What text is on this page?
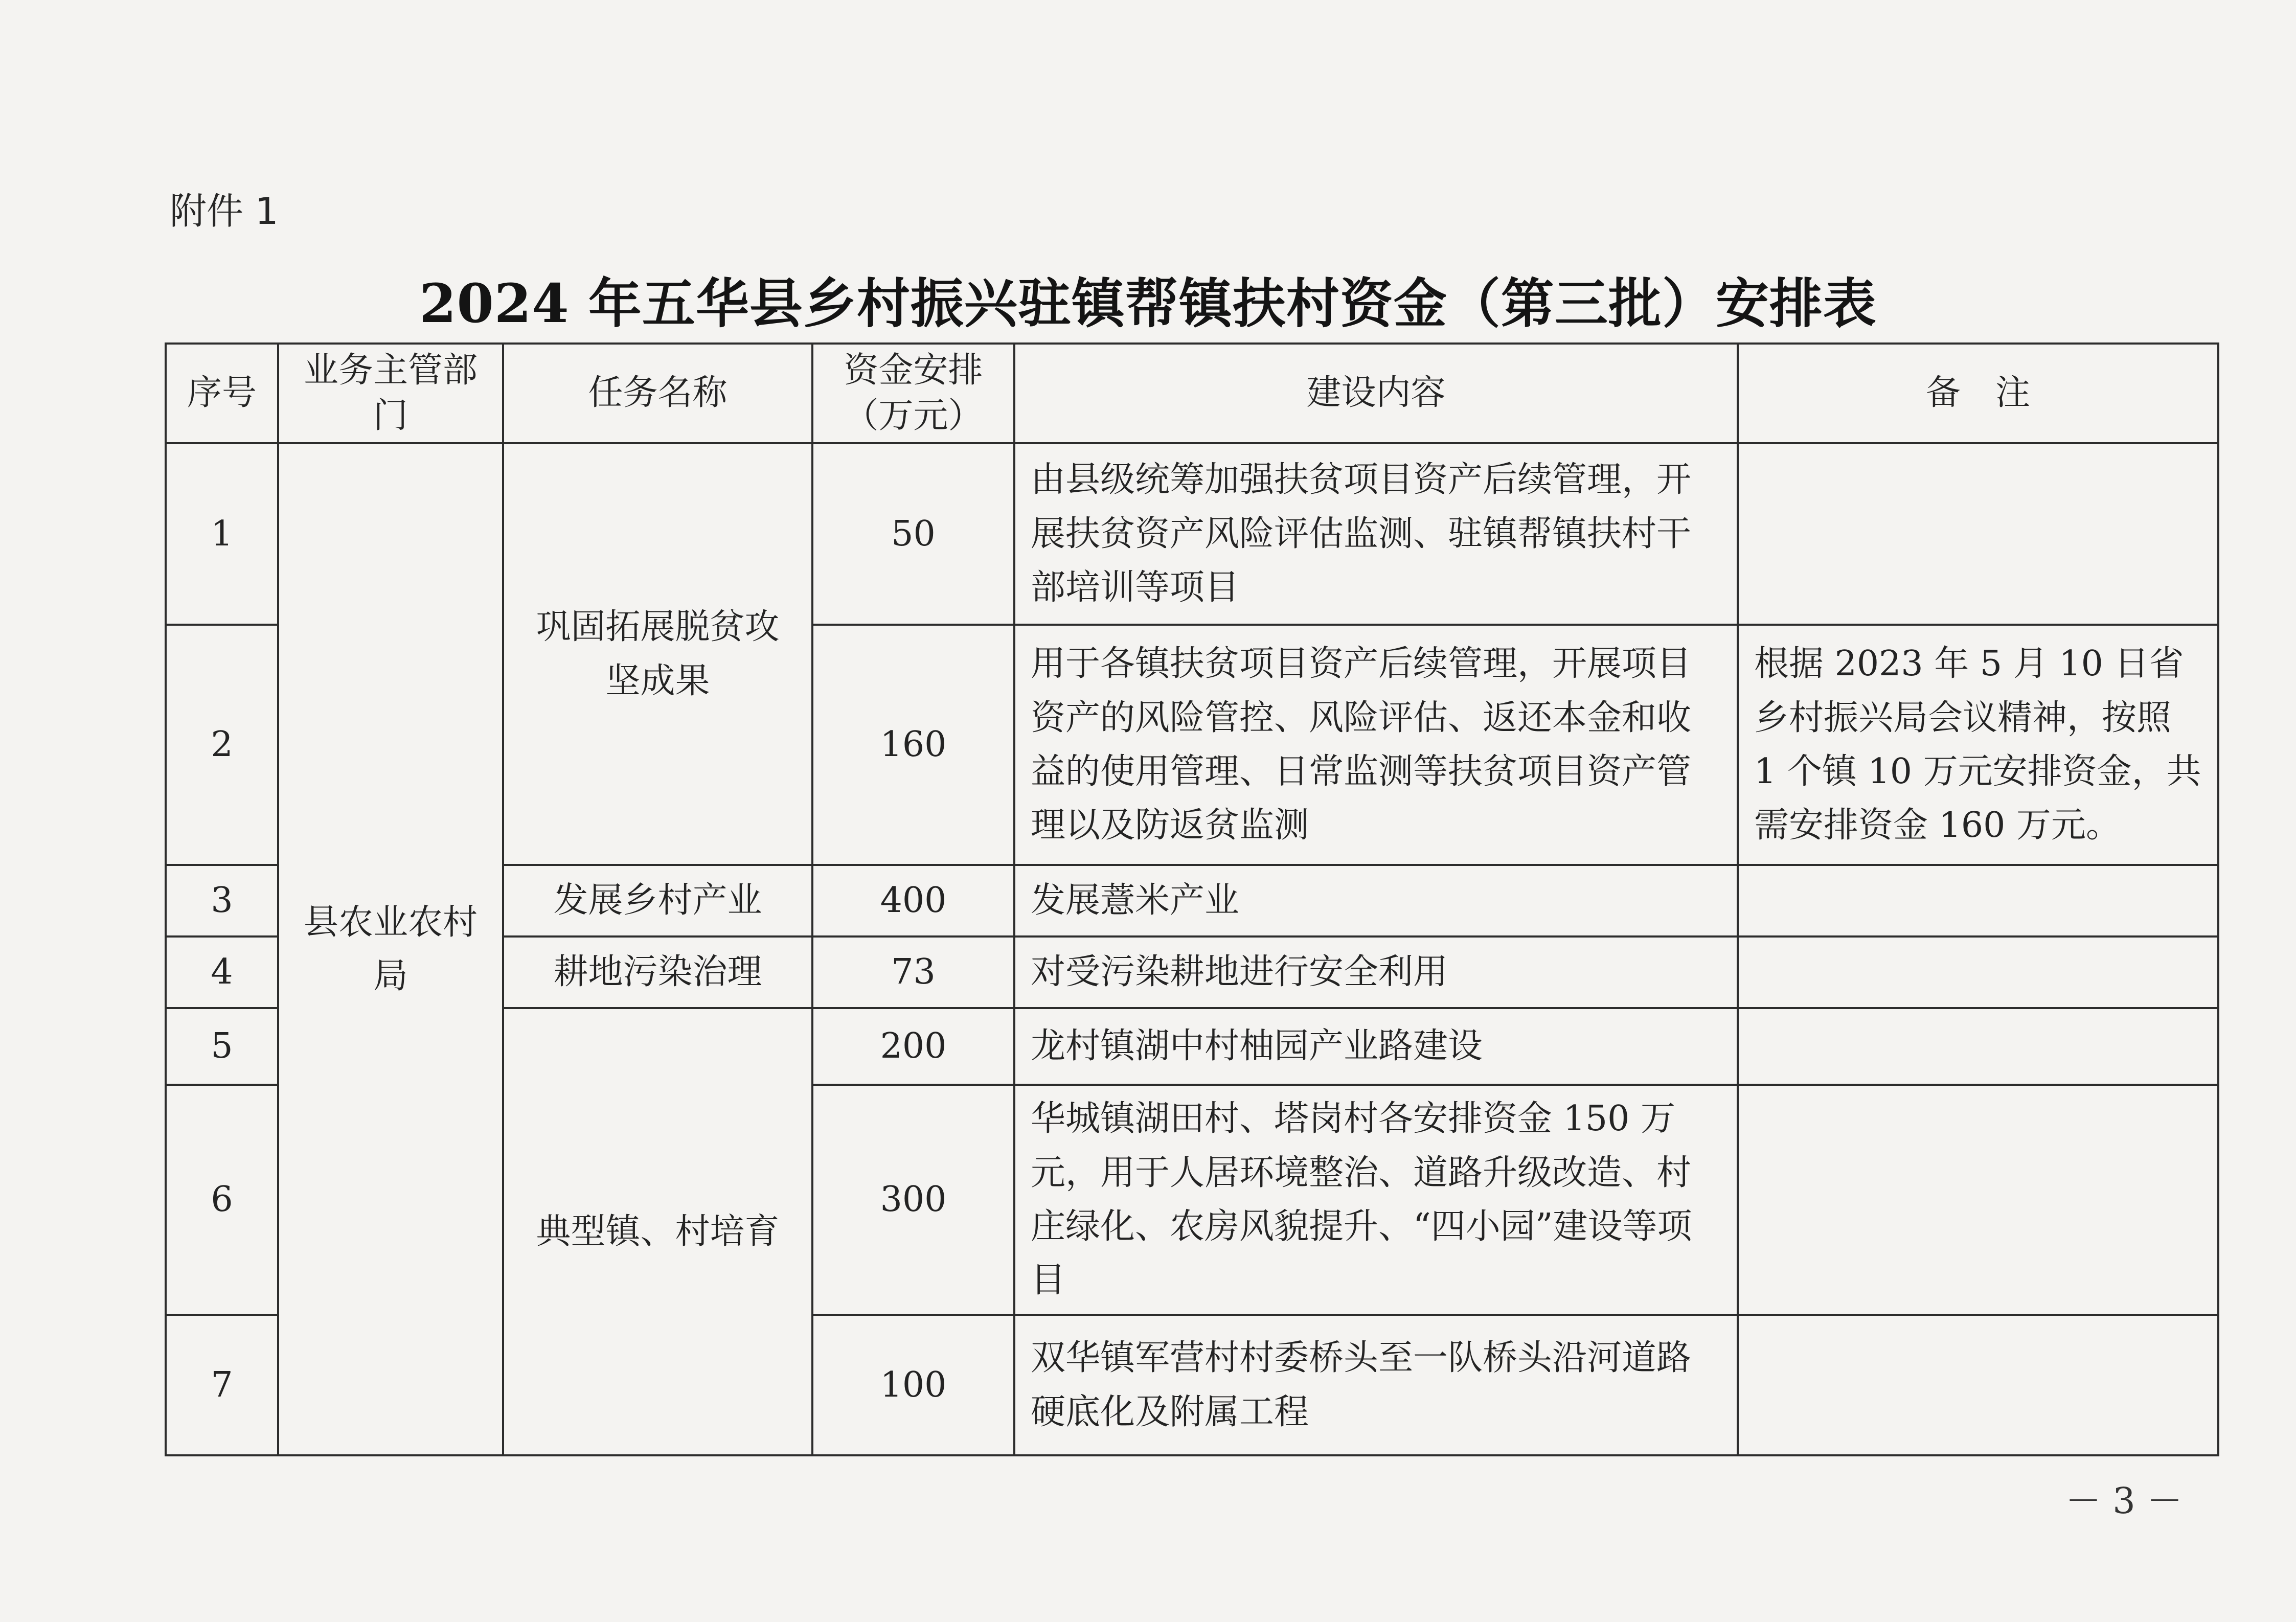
附件 1
2024 年五华县乡村振兴驻镇帮镇扶村资金（第三批）安排表
序号	业务主管部门	任务名称	资金安排（万元）	建设内容	备　注
1	县农业农村局	巩固拓展脱贫攻坚成果	50	由县级统筹加强扶贫项目资产后续管理，开展扶贫资产风险评估监测、驻镇帮镇扶村干部培训等项目	
2			160	用于各镇扶贫项目资产后续管理，开展项目资产的风险管控、风险评估、返还本金和收益的使用管理、日常监测等扶贫项目资产管理以及防返贫监测	根据 2023 年 5 月 10 日省乡村振兴局会议精神，按照 1 个镇 10 万元安排资金，共需安排资金 160 万元。
3		发展乡村产业	400	发展薏米产业	
4		耕地污染治理	73	对受污染耕地进行安全利用	
5		典型镇、村培育	200	龙村镇湖中村柚园产业路建设	
6			300	华城镇湖田村、塔岗村各安排资金 150 万元，用于人居环境整治、道路升级改造、村庄绿化、农房风貌提升、“四小园”建设等项目	
7			100	双华镇军营村村委桥头至一队桥头沿河道路硬底化及附属工程	
－ 3 －
